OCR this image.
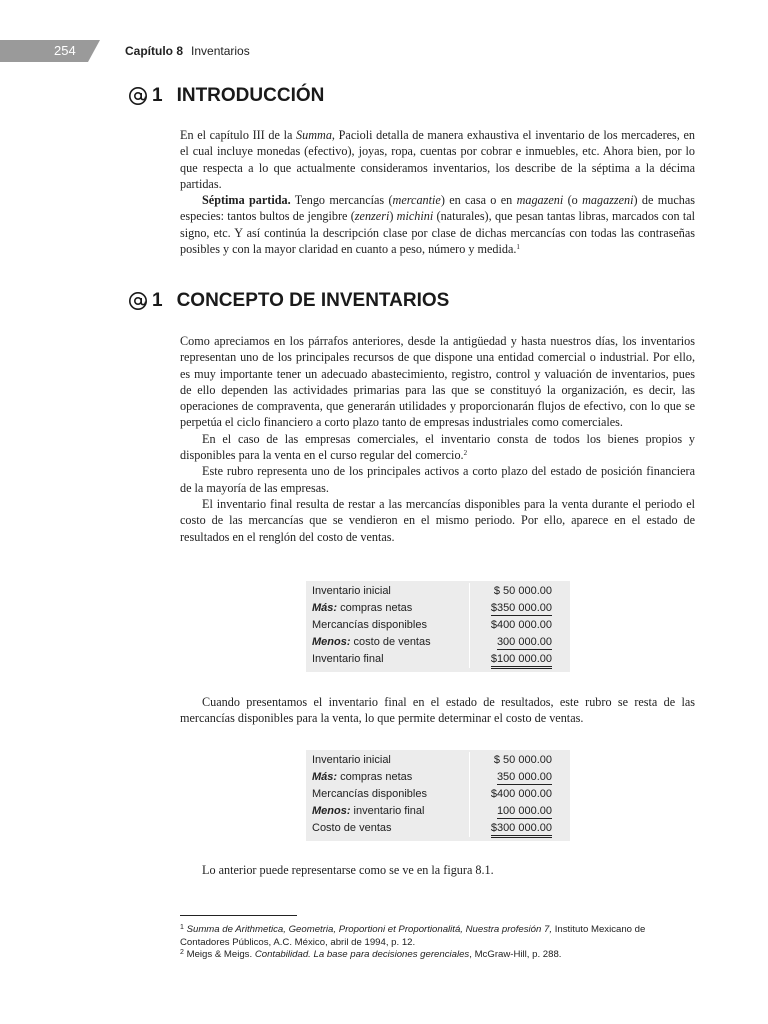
254	Capítulo 8 Inventarios
1 INTRODUCCIÓN

En el capítulo III de la Summa, Pacioli detalla de manera exhaustiva el inventario de los mercaderes, en el cual incluye monedas (efectivo), joyas, ropa, cuentas por cobrar e inmuebles, etc. Ahora bien, por lo que respecta a lo que actualmente consideramos inventarios, los describe de la séptima a la décima partidas.

Séptima partida. Tengo mercancías (mercantie) en casa o en magazeni (o magazzeni) de muchas especies: tantos bultos de jengibre (zenzeri) michini (naturales), que pesan tantas libras, marcados con tal signo, etc. Y así continúa la descripción clase por clase de dichas mercancías con todas las contraseñas posibles y con la mayor claridad en cuanto a peso, número y medida.$^1$

1 CONCEPTO DE INVENTARIOS

Como apreciamos en los párrafos anteriores, desde la antigüedad y hasta nuestros días, los inventarios representan uno de los principales recursos de que dispone una entidad comercial o industrial. Por ello, es muy importante tener un adecuado abastecimiento, registro, control y valuación de inventarios, pues de ello dependen las actividades primarias para las que se constituyó la organización, es decir, las operaciones de compraventa, que generarán utilidades y proporcionarán flujos de efectivo, con lo que se perpetúa el ciclo financiero a corto plazo tanto de empresas industriales como comerciales.

En el caso de las empresas comerciales, el inventario consta de todos los bienes propios y disponibles para la venta en el curso regular del comercio.$^2$

Este rubro representa uno de los principales activos a corto plazo del estado de posición financiera de la mayoría de las empresas.

El inventario final resulta de restar a las mercancías disponibles para la venta durante el periodo el costo de las mercancías que se vendieron en el mismo periodo. Por ello, aparece en el estado de resultados en el renglón del costo de ventas.

Inventario inicial	$ 50 000.00
Más: compras netas	$350 000.00
Mercancías disponibles	$400 000.00
Menos: costo de ventas	300 000.00
Inventario final	$100 000.00

Cuando presentamos el inventario final en el estado de resultados, este rubro se resta de las mercancías disponibles para la venta, lo que permite determinar el costo de ventas.

Inventario inicial	$ 50 000.00
Más: compras netas	350 000.00
Mercancías disponibles	$400 000.00
Menos: inventario final	100 000.00
Costo de ventas	$300 000.00

Lo anterior puede representarse como se ve en la figura 8.1.

$^1$ Summa de Arithmetica, Geometria, Proportioni et Proportionalitá, Nuestra profesión 7, Instituto Mexicano de Contadores Públicos, A.C. México, abril de 1994, p. 12.

$^2$ Meigs & Meigs. Contabilidad. La base para decisiones gerenciales, McGraw-Hill, p. 288.
